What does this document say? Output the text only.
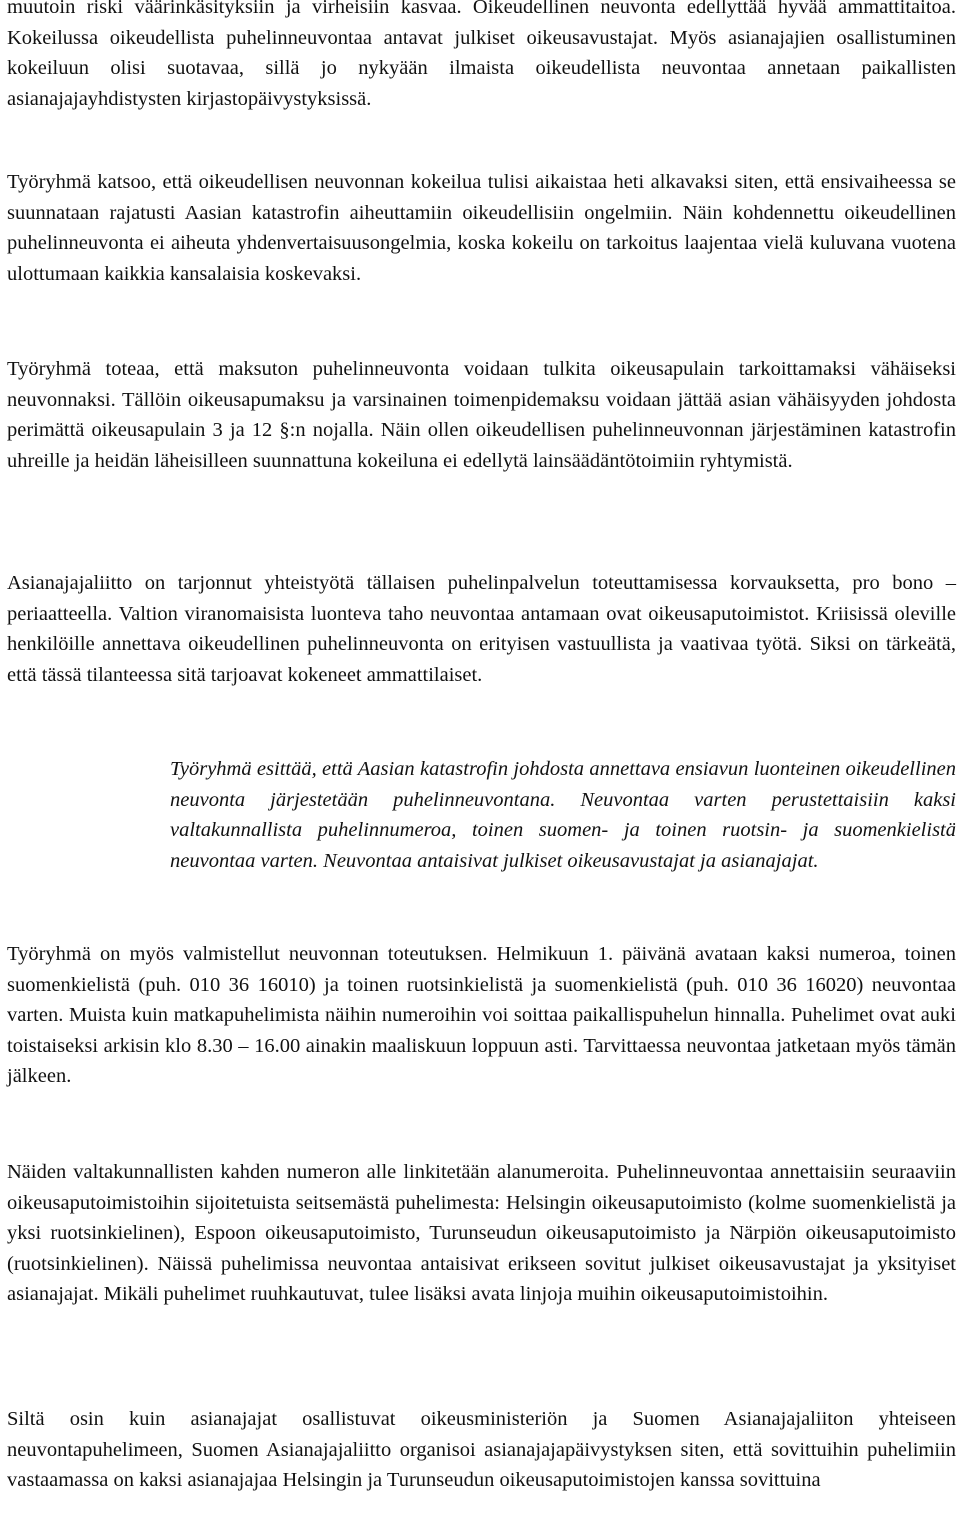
muutoin riski väärinkäsityksiin ja virheisiin kasvaa. Oikeudellinen neuvonta edellyttää hyvää ammattitaitoa. Kokeilussa oikeudellista puhelinneuvontaa antavat julkiset oikeusavustajat. Myös asianajajien osallistuminen kokeiluun olisi suotavaa, sillä jo nykyään ilmaista oikeudellista neuvontaa annetaan paikallisten asianajajayhdistysten kirjastopäivystyksissä.

Työryhmä katsoo, että oikeudellisen neuvonnan kokeilua tulisi aikaistaa heti alkavaksi siten, että ensivaiheessa se suunnataan rajatusti Aasian katastrofin aiheuttamiin oikeudellisiin ongelmiin. Näin kohdennettu oikeudellinen puhelinneuvonta ei aiheuta yhdenvertaisuusongelmia, koska kokeilu on tarkoitus laajentaa vielä kuluvana vuotena ulottumaan kaikkia kansalaisia koskevaksi.

Työryhmä toteaa, että maksuton puhelinneuvonta voidaan tulkita oikeusapulain tarkoittamaksi vähäiseksi neuvonnaksi. Tällöin oikeusapumaksu ja varsinainen toimenpidemaksu voidaan jättää asian vähäisyyden johdosta perimättä oikeusapulain 3 ja 12 §:n nojalla. Näin ollen oikeudellisen puhelinneuvonnan järjestäminen katastrofin uhreille ja heidän läheisilleen suunnattuna kokeiluna ei edellytä lainsäädäntötoimiin ryhtymistä.

Asianajajaliitto on tarjonnut yhteistyötä tällaisen puhelinpalvelun toteuttamisessa korvauksetta, pro bono –periaatteella. Valtion viranomaisista luonteva taho neuvontaa antamaan ovat oikeusaputoimistot. Kriisissä oleville henkilöille annettava oikeudellinen puhelinneuvonta on erityisen vastuullista ja vaativaa työtä. Siksi on tärkeätä, että tässä tilanteessa sitä tarjoavat kokeneet ammattilaiset.

Työryhmä esittää, että Aasian katastrofin johdosta annettava ensiavun luonteinen oikeudellinen neuvonta järjestetään puhelinneuvontana. Neuvontaa varten perustettaisiin kaksi valtakunnallista puhelinnumeroa, toinen suomen- ja toinen ruotsin- ja suomenkielistä neuvontaa varten. Neuvontaa antaisivat julkiset oikeusavustajat ja asianajajat.

Työryhmä on myös valmistellut neuvonnan toteutuksen. Helmikuun 1. päivänä avataan kaksi numeroa, toinen suomenkielistä (puh. 010 36 16010) ja toinen ruotsinkielistä ja suomenkielistä (puh. 010 36 16020) neuvontaa varten. Muista kuin matkapuhelimista näihin numeroihin voi soittaa paikallispuhelun hinnalla. Puhelimet ovat auki toistaiseksi arkisin klo 8.30 – 16.00 ainakin maaliskuun loppuun asti. Tarvittaessa neuvontaa jatketaan myös tämän jälkeen.

Näiden valtakunnallisten kahden numeron alle linkitetään alanumeroita. Puhelinneuvontaa annettaisiin seuraaviin oikeusaputoimistoihin sijoitetuista seitsemästä puhelimesta: Helsingin oikeusaputoimisto (kolme suomenkielistä ja yksi ruotsinkielinen), Espoon oikeusaputoimisto, Turunseudun oikeusaputoimisto ja Närpiön oikeusaputoimisto (ruotsinkielinen). Näissä puhelimissa neuvontaa antaisivat erikseen sovitut julkiset oikeusavustajat ja yksityiset asianajajat. Mikäli puhelimet ruuhkautuvat, tulee lisäksi avata linjoja muihin oikeusaputoimistoihin.

Siltä osin kuin asianajajat osallistuvat oikeusministeriön ja Suomen Asianajajaliiton yhteiseen neuvontapuhelimeen, Suomen Asianajajaliitto organisoi asianajajapäivystyksen siten, että sovittuihin puhelimiin vastaamassa on kaksi asianajajaa Helsingin ja Turunseudun oikeusaputoimistojen kanssa sovittuina
